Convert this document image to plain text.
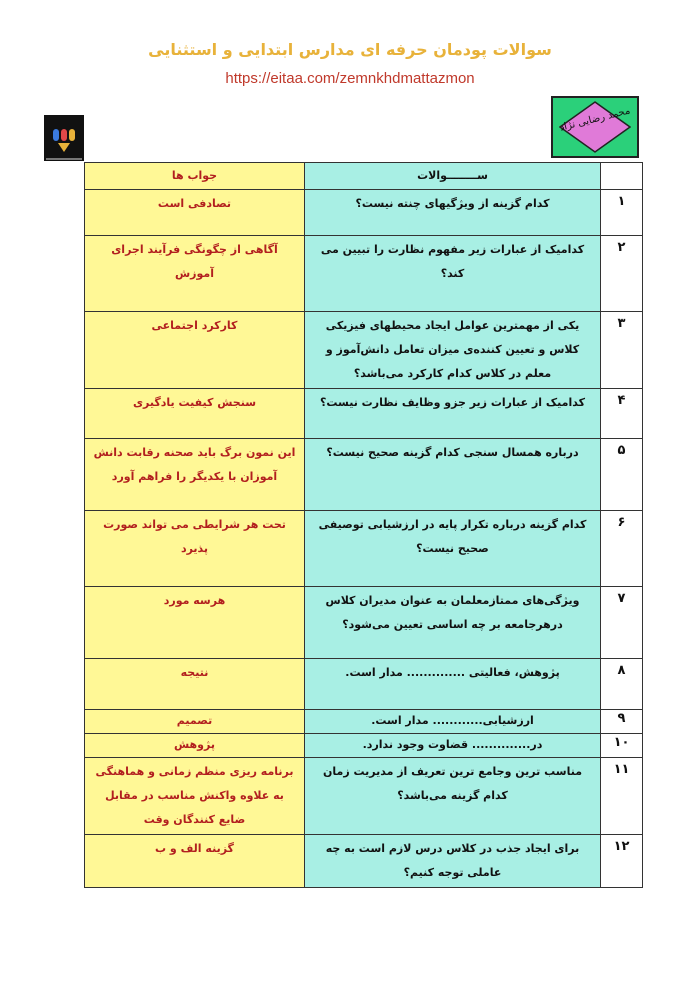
سوالات پودمان حرفه ای مدارس ابتدایی و استثنایی
https://eitaa.com/zemnkhdmattazmon
محمد رضایی نژاد
جواب ها	ســــــــوالات	
تصادفی است	کدام گزینه از ویژگیهای چنته نیست؟	۱
آگاهی از چگونگی فرآیند اجرای آموزش	کدامیک از عبارات زیر مفهوم نظارت را تبیین می کند؟	۲
کارکرد اجتماعی	یکی از مهمترین عوامل ایجاد محیطهای فیزیکی کلاس و تعیین کننده‌ی میزان تعامل دانش‌آموز و معلم در کلاس کدام کارکرد می‌باشد؟	۳
سنجش کیفیت یادگیری	کدامیک از عبارات زیر جزو وظایف نظارت نیست؟	۴
این نمون برگ باید صحنه رقابت دانش آموزان با یکدیگر را فراهم آورد	درباره همسال سنجی کدام گزینه صحیح نیست؟	۵
تحت هر شرایطی می تواند صورت پذیرد	کدام گزینه درباره تکرار پایه در ارزشیابی توصیفی صحیح نیست؟	۶
هرسه مورد	ویژگی‌های ممتازمعلمان به عنوان مدیران کلاس درهرجامعه بر چه اساسی تعیین می‌شود؟	۷
نتیجه	پژوهش، فعالیتی .............. مدار است.	۸
تصمیم	ارزشیابی............ مدار است.	۹
پژوهش	در.............. قضاوت وجود ندارد.	۱۰
برنامه ریزی منظم زمانی و هماهنگی به علاوه واکنش مناسب در مقابل ضایع کنندگان وقت	مناسب ترین وجامع ترین تعریف از مدیریت زمان کدام گزینه می‌باشد؟	۱۱
گزینه الف و ب	برای ایجاد جذب در کلاس درس لازم است به چه عاملی توجه کنیم؟	۱۲
